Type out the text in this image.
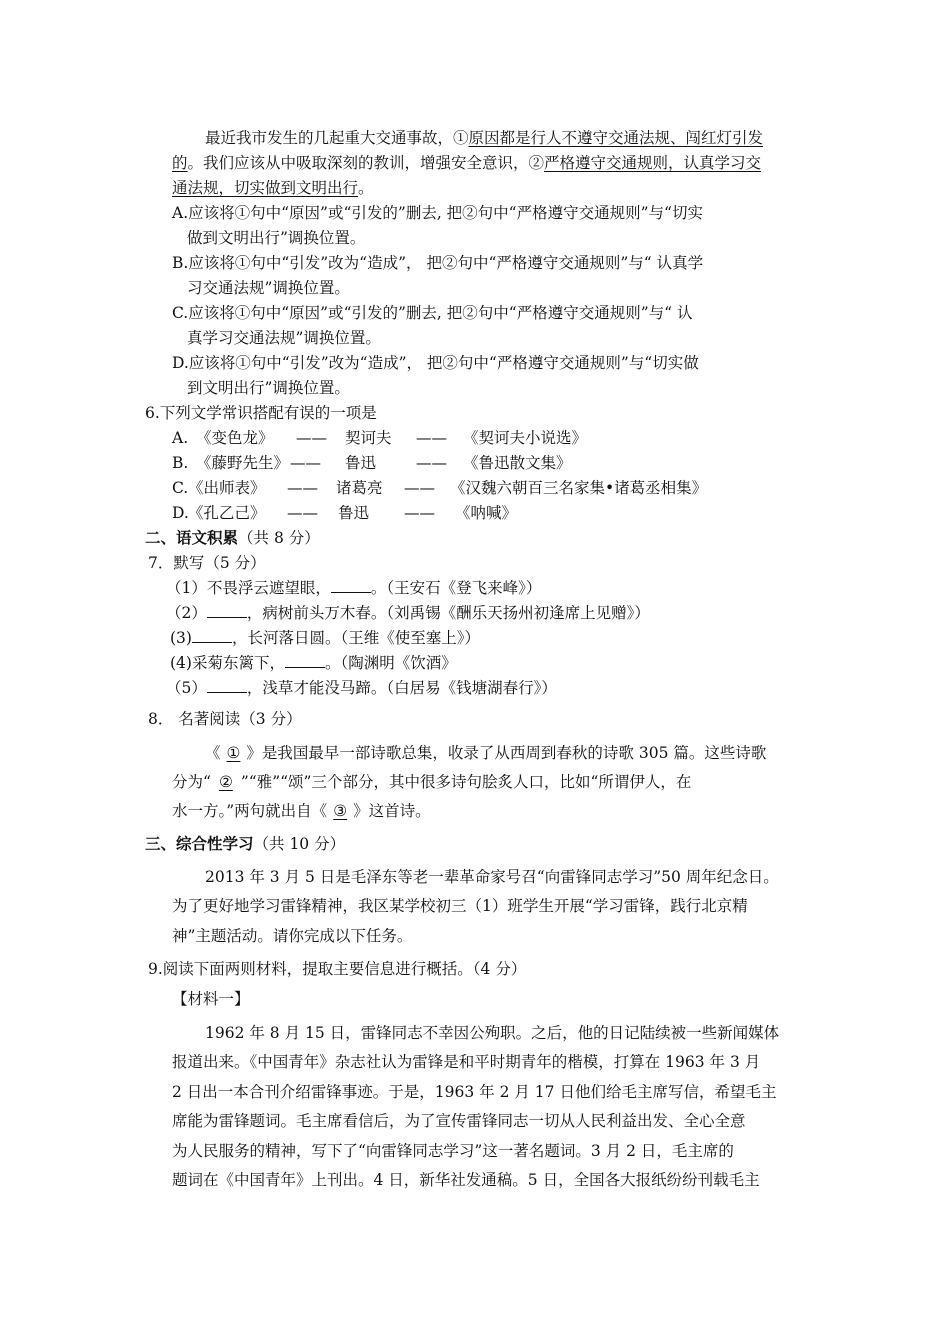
最近我市发生的几起重大交通事故，①原因都是行人不遵守交通法规、闯红灯引发
的。我们应该从中吸取深刻的教训，增强安全意识，②严格遵守交通规则，认真学习交
通法规，切实做到文明出行。
A.应该将①句中“原因”或“引发的”删去, 把②句中“严格遵守交通规则”与“切实
做到文明出行”调换位置。
B.应该将①句中“引发”改为“造成”， 把②句中“严格遵守交通规则”与“ 认真学
习交通法规”调换位置。
C.应该将①句中“原因”或“引发的”删去, 把②句中“严格遵守交通规则”与“ 认
真学习交通法规”调换位置。
D.应该将①句中“引发”改为“造成”， 把②句中“严格遵守交通规则”与“切实做
到文明出行”调换位置。
6.下列文学常识搭配有误的一项是
A. 《变色龙》 —— 契诃夫 —— 《契诃夫小说选》
B. 《藤野先生》 —— 鲁迅	—— 《鲁迅散文集》
C. 《出师表》 —— 诸葛亮 —— 《汉魏六朝百三名家集•诸葛丞相集》
D. 《孔乙己》 —— 鲁迅 —— 《呐喊》
二、语文积累（共 8 分）
7．默写（5 分）
（1）不畏浮云遮望眼，	。（王安石《登飞来峰》）
（2）	，病树前头万木春。（刘禹锡《酬乐天扬州初逢席上见赠》）
(3)	，长河落日圆。（王维《使至塞上》）
(4)采菊东篱下，	。（陶渊明《饮酒》
（5）	，浅草才能没马蹄。（白居易《钱塘湖春行》）
8． 名著阅读（3 分）
《 ① 》是我国最早一部诗歌总集，收录了从西周到春秋的诗歌 305 篇。这些诗歌
分为“ ② ”“雅”“颂”三个部分，其中很多诗句脍炙人口，比如“所谓伊人，在
水一方。”两句就出自《 ③ 》这首诗。
三、综合性学习（共 10 分）
2013 年 3 月 5 日是毛泽东等老一辈革命家号召“向雷锋同志学习”50 周年纪念日。
为了更好地学习雷锋精神，我区某学校初三（1）班学生开展“学习雷锋，践行北京精
神”主题活动。请你完成以下任务。
9.阅读下面两则材料，提取主要信息进行概括。（4 分）
【材料一】
1962 年 8 月 15 日，雷锋同志不幸因公殉职。之后，他的日记陆续被一些新闻媒体
报道出来。《中国青年》杂志社认为雷锋是和平时期青年的楷模，打算在 1963 年 3 月
2 日出一本合刊介绍雷锋事迹。于是，1963 年 2 月 17 日他们给毛主席写信，希望毛主
席能为雷锋题词。毛主席看信后，为了宣传雷锋同志一切从人民利益出发、全心全意
为人民服务的精神，写下了“向雷锋同志学习”这一著名题词。3 月 2 日，毛主席的
题词在《中国青年》上刊出。4 日，新华社发通稿。5 日，全国各大报纸纷纷刊载毛主
